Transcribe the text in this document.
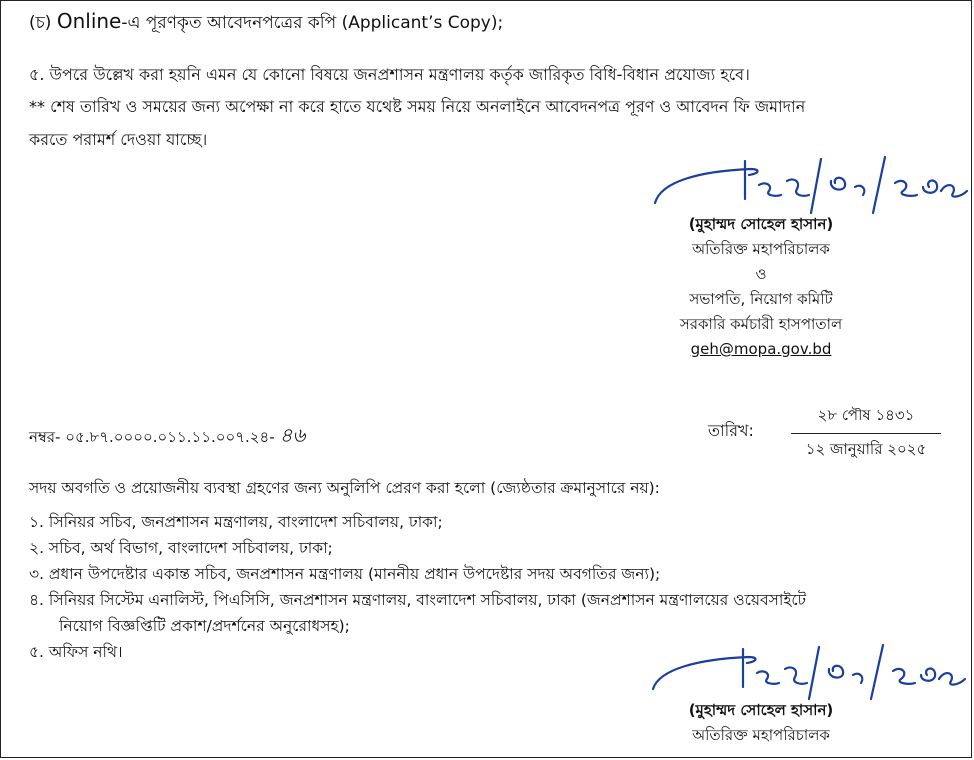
(চ) Online-এ পূরণকৃত আবেদনপত্রের কপি (Applicant’s Copy);
৫. উপরে উল্লেখ করা হয়নি এমন যে কোনো বিষয়ে জনপ্রশাসন মন্ত্রণালয় কর্তৃক জারিকৃত বিধি-বিধান প্রযোজ্য হবে।
** শেষ তারিখ ও সময়ের জন্য অপেক্ষা না করে হাতে যথেষ্ট সময় নিয়ে অনলাইনে আবেদনপত্র পূরণ ও আবেদন ফি জমাদান
করতে পরামর্শ দেওয়া যাচ্ছে।
(মুহাম্মদ সোহেল হাসান)
অতিরিক্ত মহাপরিচালক
ও
সভাপতি, নিয়োগ কমিটি
সরকারি কর্মচারী হাসপাতাল
geh@mopa.gov.bd
নম্বর- ০৫.৮৭.০০০০.০১১.১১.০০৭.২৪- ৪৬	তারিখ:
২৮ পৌষ ১৪৩১
১২ জানুয়ারি ২০২৫
সদয় অবগতি ও প্রয়োজনীয় ব্যবস্থা গ্রহণের জন্য অনুলিপি প্রেরণ করা হলো (জ্যেষ্ঠতার ক্রমানুসারে নয়):
১. সিনিয়র সচিব, জনপ্রশাসন মন্ত্রণালয়, বাংলাদেশ সচিবালয়, ঢাকা;
২. সচিব, অর্থ বিভাগ, বাংলাদেশ সচিবালয়, ঢাকা;
৩. প্রধান উপদেষ্টার একান্ত সচিব, জনপ্রশাসন মন্ত্রণালয় (মাননীয় প্রধান উপদেষ্টার সদয় অবগতির জন্য);
৪. সিনিয়র সিস্টেম এনালিস্ট, পিএসিসি, জনপ্রশাসন মন্ত্রণালয়, বাংলাদেশ সচিবালয়, ঢাকা (জনপ্রশাসন মন্ত্রণালয়ের ওয়েবসাইটে
নিয়োগ বিজ্ঞপ্তিটি প্রকাশ/প্রদর্শনের অনুরোধসহ);
৫. অফিস নথি।
(মুহাম্মদ সোহেল হাসান)
অতিরিক্ত মহাপরিচালক
